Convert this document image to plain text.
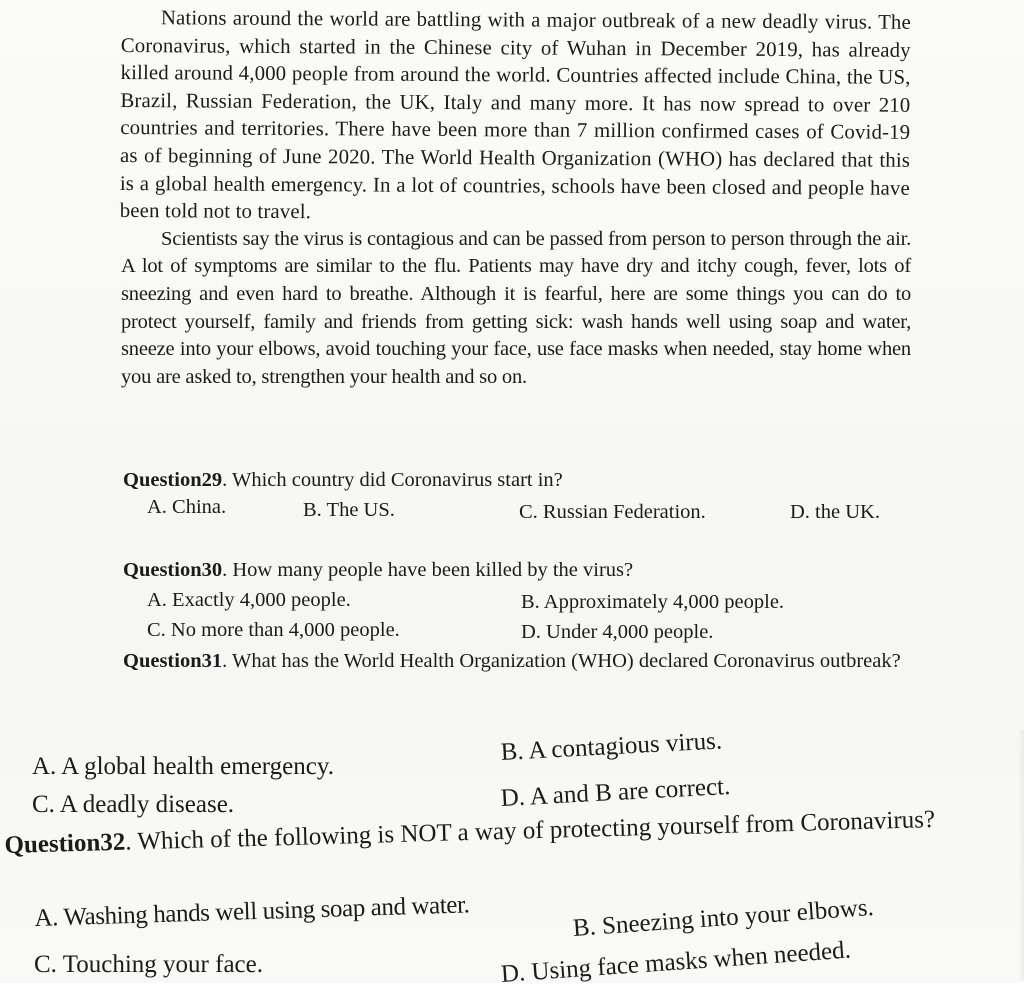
Nations around the world are battling with a major outbreak of a new deadly virus. The Coronavirus, which started in the Chinese city of Wuhan in December 2019, has already killed around 4,000 people from around the world. Countries affected include China, the US, Brazil, Russian Federation, the UK, Italy and many more. It has now spread to over 210 countries and territories. There have been more than 7 million confirmed cases of Covid-19 as of beginning of June 2020. The World Health Organization (WHO) has declared that this is a global health emergency. In a lot of countries, schools have been closed and people have been told not to travel.

Scientists say the virus is contagious and can be passed from person to person through the air. A lot of symptoms are similar to the flu. Patients may have dry and itchy cough, fever, lots of sneezing and even hard to breathe. Although it is fearful, here are some things you can do to protect yourself, family and friends from getting sick: wash hands well using soap and water, sneeze into your elbows, avoid touching your face, use face masks when needed, stay home when you are asked to, strengthen your health and so on.

Question29. Which country did Coronavirus start in?

A. China.	B. The US.	C. Russian Federation.	D. the UK.

Question30. How many people have been killed by the virus?

A. Exactly 4,000 people.	B. Approximately 4,000 people.
C. No more than 4,000 people.	D. Under 4,000 people.

Question31. What has the World Health Organization (WHO) declared Coronavirus outbreak?

A. A global health emergency.
B. A contagious virus.
C. A deadly disease.	D. A and B are correct.

Question32. Which of the following is NOT a way of protecting yourself from Coronavirus?

A. Washing hands well using soap and water.	B. Sneezing into your elbows.
C. Touching your face.	D. Using face masks when needed.
